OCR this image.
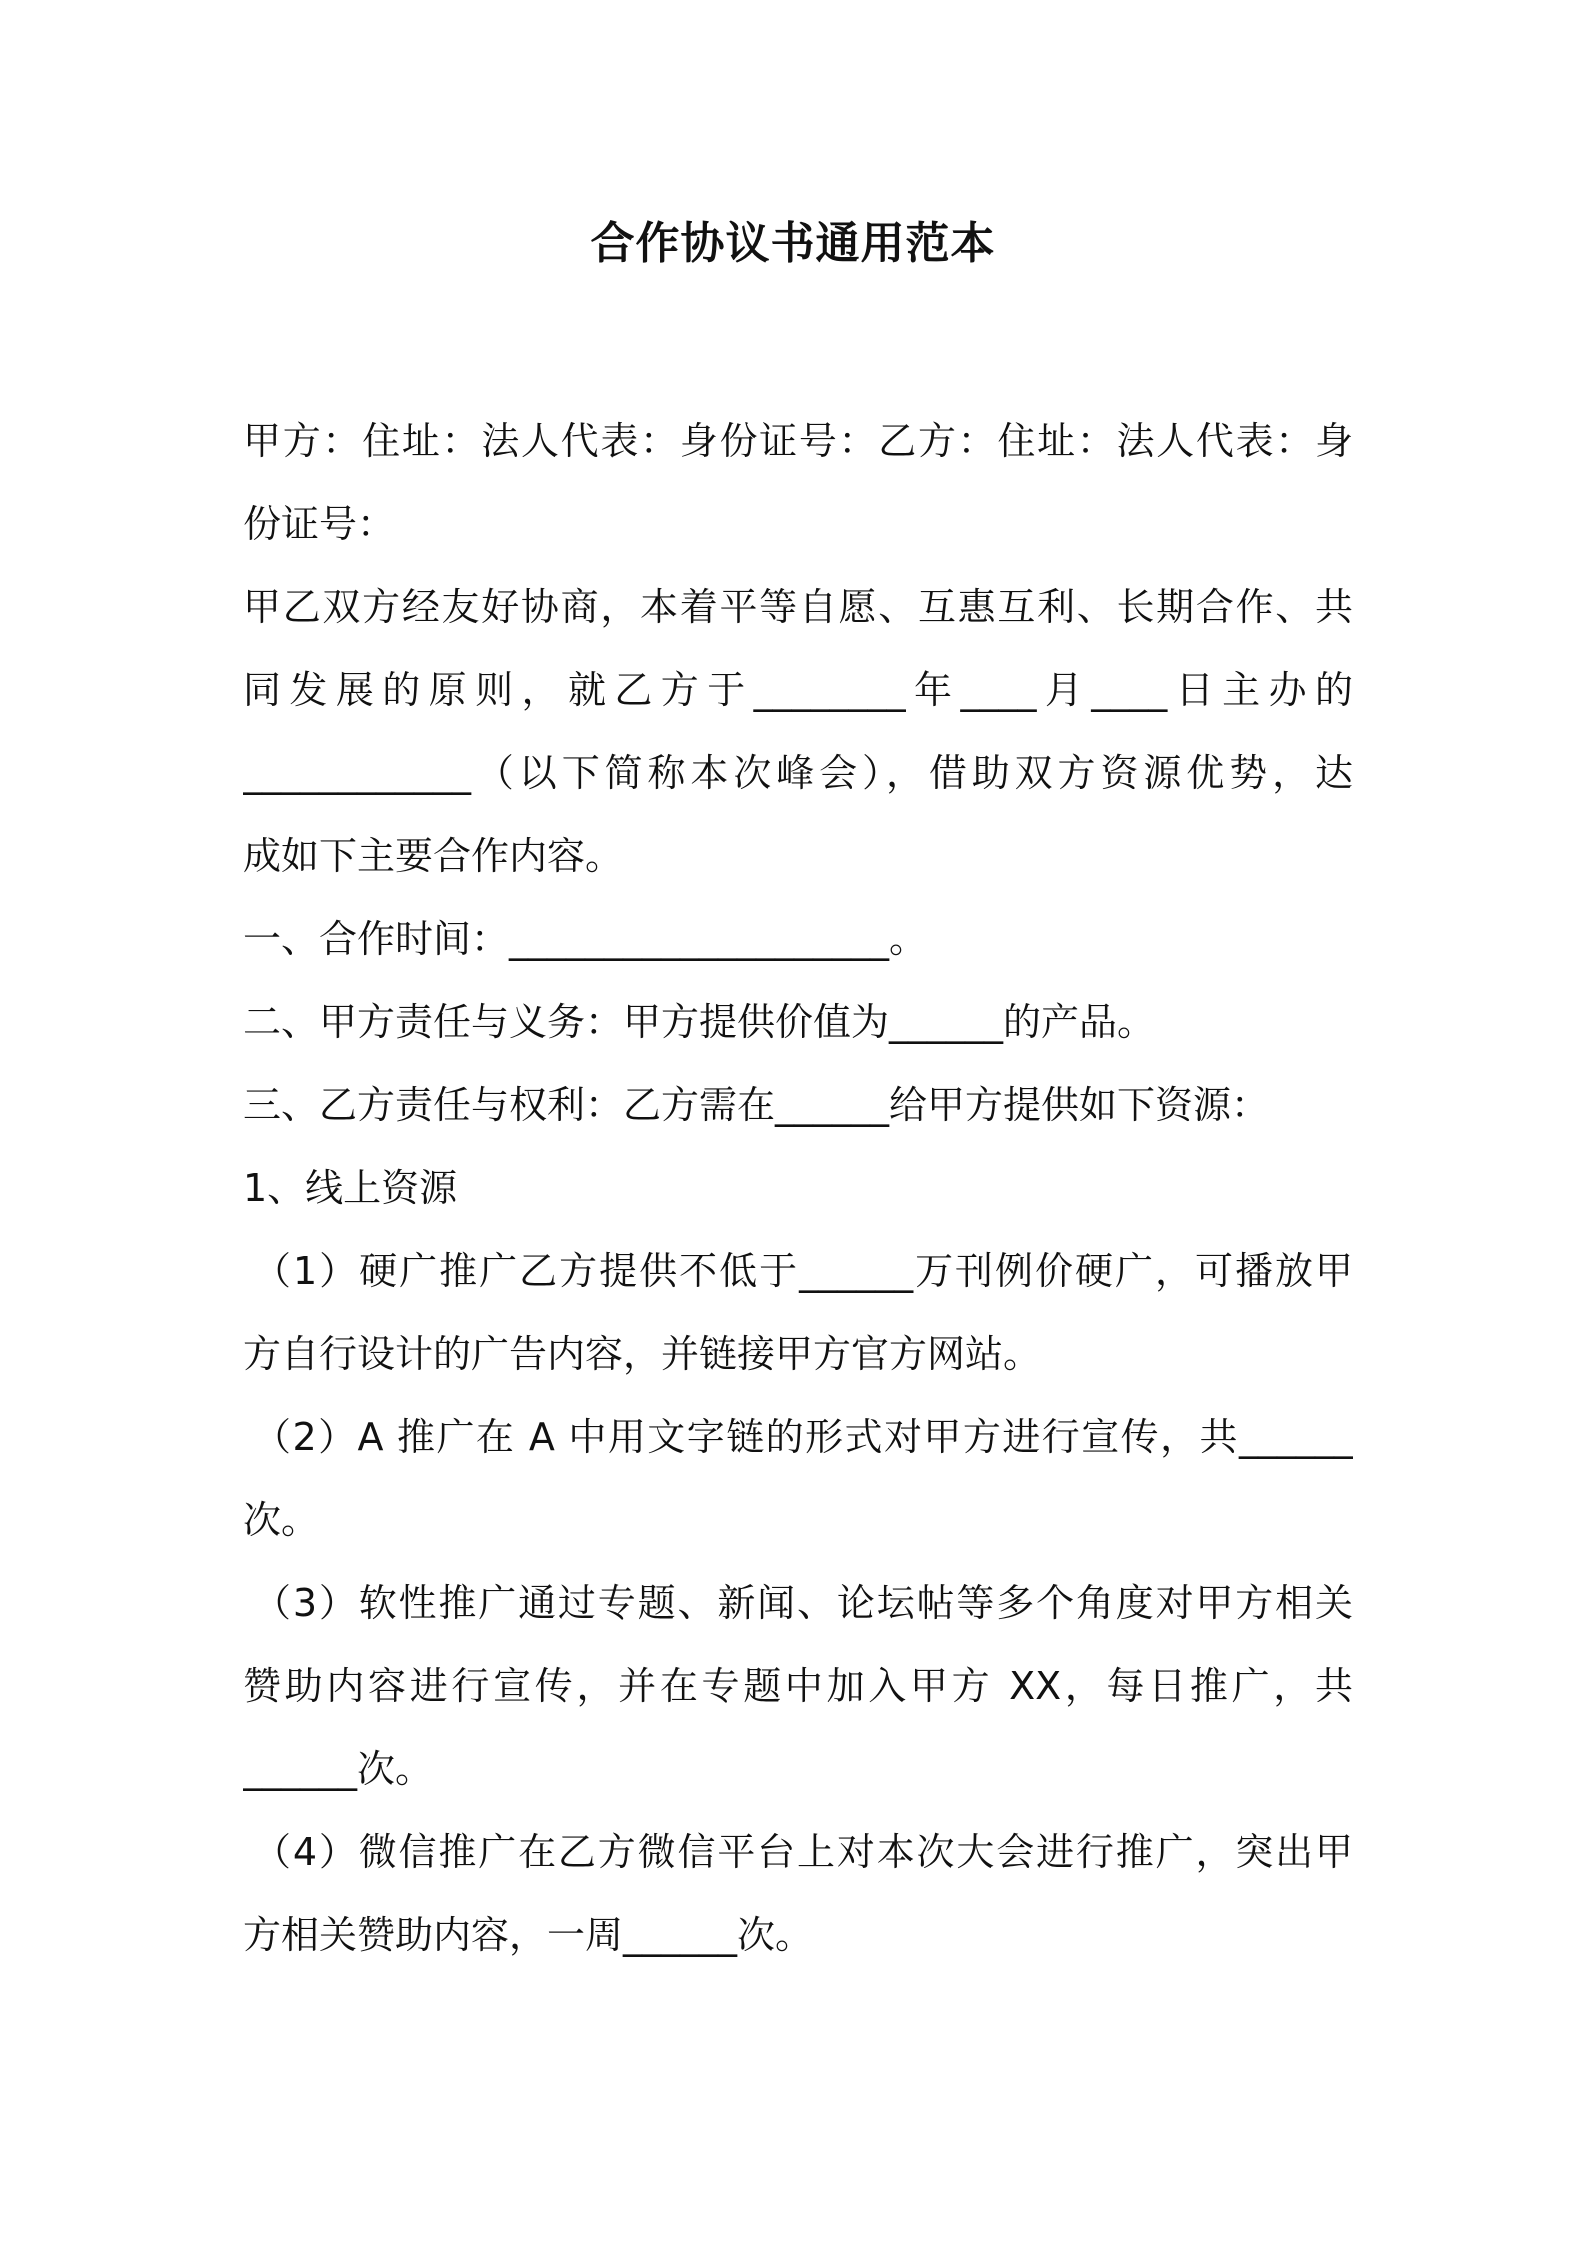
合作协议书通用范本
甲方：住址：法人代表：身份证号：乙方：住址：法人代表：身
份证号：
甲乙双方经友好协商，本着平等自愿、互惠互利、长期合作、共
同发展的原则，就乙方于________年____月____日主办的
____________（以下简称本次峰会），借助双方资源优势，达
成如下主要合作内容。
一、合作时间：____________________。
二、甲方责任与义务：甲方提供价值为______的产品。
三、乙方责任与权利：乙方需在______给甲方提供如下资源：
1、线上资源
（1）硬广推广乙方提供不低于______万刊例价硬广，可播放甲
方自行设计的广告内容，并链接甲方官方网站。
（2）A 推广在 A 中用文字链的形式对甲方进行宣传，共______
次。
（3）软性推广通过专题、新闻、论坛帖等多个角度对甲方相关
赞助内容进行宣传，并在专题中加入甲方 XX，每日推广，共
______次。
（4）微信推广在乙方微信平台上对本次大会进行推广，突出甲
方相关赞助内容，一周______次。
